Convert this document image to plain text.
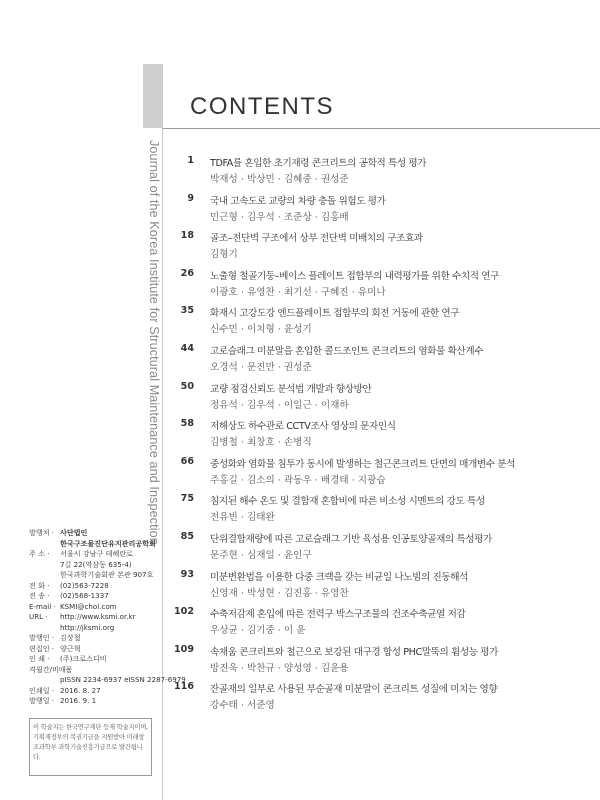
Journal of the Korea Institute for Structural Maintenance and Inspection
CONTENTS
1 TDFA를 혼입한 초기재령 콘크리트의 공학적 특성 평가
박재성 · 박상민 · 김혜중 · 권성준
9 국내 고속도로 교량의 차량 충돌 위험도 평가
민근형 · 김우석 · 조준상 · 김홍배
18 골조–전단벽 구조에서 상부 전단벽 미배치의 구조효과
김형기
26 노출형 철골기둥–베이스 플레이트 접합부의 내력평가를 위한 수치적 연구
이광호 · 유영찬 · 최기선 · 구혜진 · 유미나
35 화재시 고강도강 엔드플레이트 접합부의 회전 거동에 관한 연구
신수민 · 이치형 · 윤성기
44 고로슬래그 미분말을 혼입한 콜드조인트 콘크리트의 염화물 확산계수
오경석 · 문진만 · 권성준
50 교량 점검신뢰도 분석법 개발과 향상방안
정유석 · 김우석 · 이일근 · 이재하
58 저해상도 하수관로 CCTV조사 영상의 문자인식
김병철 · 최창호 · 손병직
66 중성화와 염화물 침투가 동시에 발생하는 철근콘크리트 단면의 매개변수 분석
주홍길 · 김소의 · 곽동우 · 배경태 · 지광습
75 침지된 해수 온도 및 결합재 혼합비에 따른 비소성 시멘트의 강도 특성
전유빈 · 김태완
85 단위결합재량에 따른 고로슬래그 기반 육성용 인공토양골재의 특성평가
문주현 · 심재일 · 윤인구
93 미분변환법을 이용한 다중 크랙을 갖는 비균일 나노빔의 진동해석
신영재 · 박성현 · 김진홍 · 유영찬
102 수축저감제 혼입에 따른 전력구 박스구조물의 건조수축균열 저감
우상균 · 김기중 · 이 윤
109 속채움 콘크리트와 철근으로 보강된 대구경 합성 PHC말뚝의 휨성능 평가
방진욱 · 박찬규 · 양성영 · 김윤용
116 잔골재의 일부로 사용된 부순골재 미분말이 콘크리트 성질에 미치는 영향
강수태 · 서준영
발행처 · 사단법인
한국구조물진단유지관리공학회
주 소 ·	서울시 강남구 테헤란로
7길 22(역삼동 635-4)
한국과학기술회관 본관 907호
전 화 ·	(02)563-7228
전 송 ·	(02)568-1337
E-mail · KSMI@chol.com
URL ·	http://www.ksmi.or.kr
http://jksmi.org
발행인 · 김상철
편집인 · 양근혁
인 쇄 ·	(주)크로스디비
격월간/비매품
pISSN 2234-6937 eISSN 2287-6979
인쇄일 · 2016. 8. 27
발행일 · 2016. 9. 1
이 학술지는 한국연구재단 등재 학술지이며, 기획재정부의 복권기금을 지원받아 미래창조과학부 과학기술진흥기금으로 발간됩니다.
